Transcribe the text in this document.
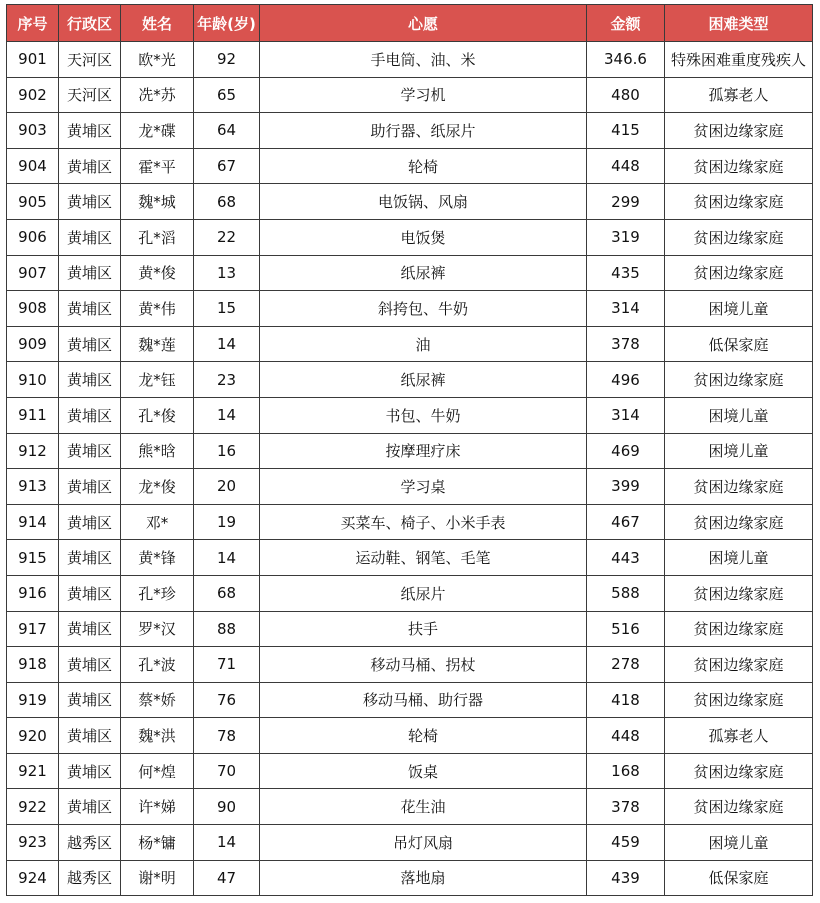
序号	行政区	姓名	年龄(岁)	心愿	金额	困难类型
901	天河区	欧*光	92	手电筒、油、米	346.6	特殊困难重度残疾人
902	天河区	冼*苏	65	学习机	480	孤寡老人
903	黄埔区	龙*碟	64	助行器、纸尿片	415	贫困边缘家庭
904	黄埔区	霍*平	67	轮椅	448	贫困边缘家庭
905	黄埔区	魏*城	68	电饭锅、风扇	299	贫困边缘家庭
906	黄埔区	孔*滔	22	电饭煲	319	贫困边缘家庭
907	黄埔区	黄*俊	13	纸尿裤	435	贫困边缘家庭
908	黄埔区	黄*伟	15	斜挎包、牛奶	314	困境儿童
909	黄埔区	魏*莲	14	油	378	低保家庭
910	黄埔区	龙*钰	23	纸尿裤	496	贫困边缘家庭
911	黄埔区	孔*俊	14	书包、牛奶	314	困境儿童
912	黄埔区	熊*晗	16	按摩理疗床	469	困境儿童
913	黄埔区	龙*俊	20	学习桌	399	贫困边缘家庭
914	黄埔区	邓*	19	买菜车、椅子、小米手表	467	贫困边缘家庭
915	黄埔区	黄*锋	14	运动鞋、钢笔、毛笔	443	困境儿童
916	黄埔区	孔*珍	68	纸尿片	588	贫困边缘家庭
917	黄埔区	罗*汉	88	扶手	516	贫困边缘家庭
918	黄埔区	孔*波	71	移动马桶、拐杖	278	贫困边缘家庭
919	黄埔区	蔡*娇	76	移动马桶、助行器	418	贫困边缘家庭
920	黄埔区	魏*洪	78	轮椅	448	孤寡老人
921	黄埔区	何*煌	70	饭桌	168	贫困边缘家庭
922	黄埔区	许*娣	90	花生油	378	贫困边缘家庭
923	越秀区	杨*镛	14	吊灯风扇	459	困境儿童
924	越秀区	谢*明	47	落地扇	439	低保家庭
